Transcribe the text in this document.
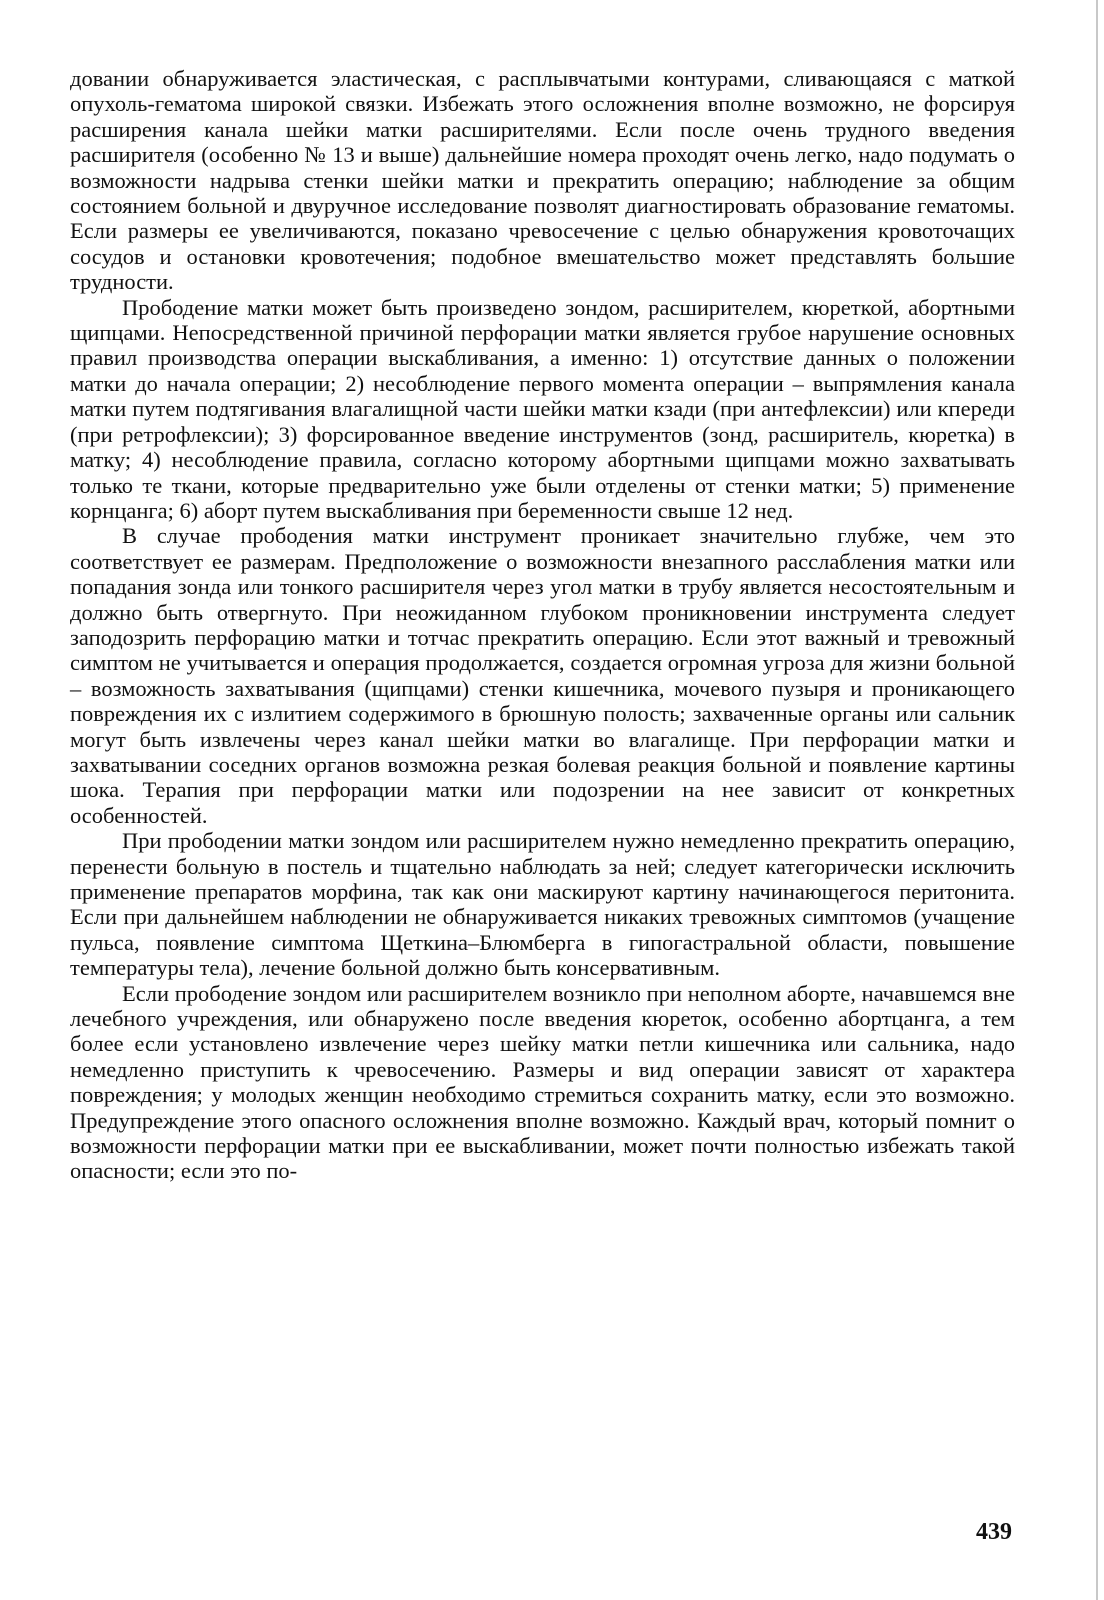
довании обнаруживается эластическая, с расплывчатыми контурами, сливающаяся с маткой опухоль-гематома широкой связки. Избежать этого осложнения вполне возможно, не форсируя расширения канала шейки матки расширителями. Если после очень трудного введения расширителя (особенно № 13 и выше) дальнейшие номера проходят очень легко, надо подумать о возможности надрыва стенки шейки матки и прекратить операцию; наблюдение за общим состоянием больной и двуручное исследование позволят диагностировать образование гематомы. Если размеры ее увеличиваются, показано чревосечение с целью обнаружения кровоточащих сосудов и остановки кровотечения; подобное вмешательство может представлять большие трудности.

Прободение матки может быть произведено зондом, расширителем, кюреткой, абортными щипцами. Непосредственной причиной перфорации матки является грубое нарушение основных правил производства операции выскабливания, а именно: 1) отсутствие данных о положении матки до начала операции; 2) несоблюдение первого момента операции – выпрямления канала матки путем подтягивания влагалищной части шейки матки кзади (при антефлексии) или кпереди (при ретрофлексии); 3) форсированное введение инструментов (зонд, расширитель, кюретка) в матку; 4) несоблюдение правила, согласно которому абортными щипцами можно захватывать только те ткани, которые предварительно уже были отделены от стенки матки; 5) применение корнцанга; 6) аборт путем выскабливания при беременности свыше 12 нед.

В случае прободения матки инструмент проникает значительно глубже, чем это соответствует ее размерам. Предположение о возможности внезапного расслабления матки или попадания зонда или тонкого расширителя через угол матки в трубу является несостоятельным и должно быть отвергнуто. При неожиданном глубоком проникновении инструмента следует заподозрить перфорацию матки и тотчас прекратить операцию. Если этот важный и тревожный симптом не учитывается и операция продолжается, создается огромная угроза для жизни больной – возможность захватывания (щипцами) стенки кишечника, мочевого пузыря и проникающего повреждения их с излитием содержимого в брюшную полость; захваченные органы или сальник могут быть извлечены через канал шейки матки во влагалище. При перфорации матки и захватывании соседних органов возможна резкая болевая реакция больной и появление картины шока. Терапия при перфорации матки или подозрении на нее зависит от конкретных особенностей.

При прободении матки зондом или расширителем нужно немедленно прекратить операцию, перенести больную в постель и тщательно наблюдать за ней; следует категорически исключить применение препаратов морфина, так как они маскируют картину начинающегося перитонита. Если при дальнейшем наблюдении не обнаруживается никаких тревожных симптомов (учащение пульса, появление симптома Щеткина–Блюмберга в гипогастральной области, повышение температуры тела), лечение больной должно быть консервативным.

Если прободение зондом или расширителем возникло при неполном аборте, начавшемся вне лечебного учреждения, или обнаружено после введения кюреток, особенно абортцанга, а тем более если установлено извлечение через шейку матки петли кишечника или сальника, надо немедленно приступить к чревосечению. Размеры и вид операции зависят от характера повреждения; у молодых женщин необходимо стремиться сохранить матку, если это возможно. Предупреждение этого опасного осложнения вполне возможно. Каждый врач, который помнит о возможности перфорации матки при ее выскабливании, может почти полностью избежать такой опасности; если это по-

439
